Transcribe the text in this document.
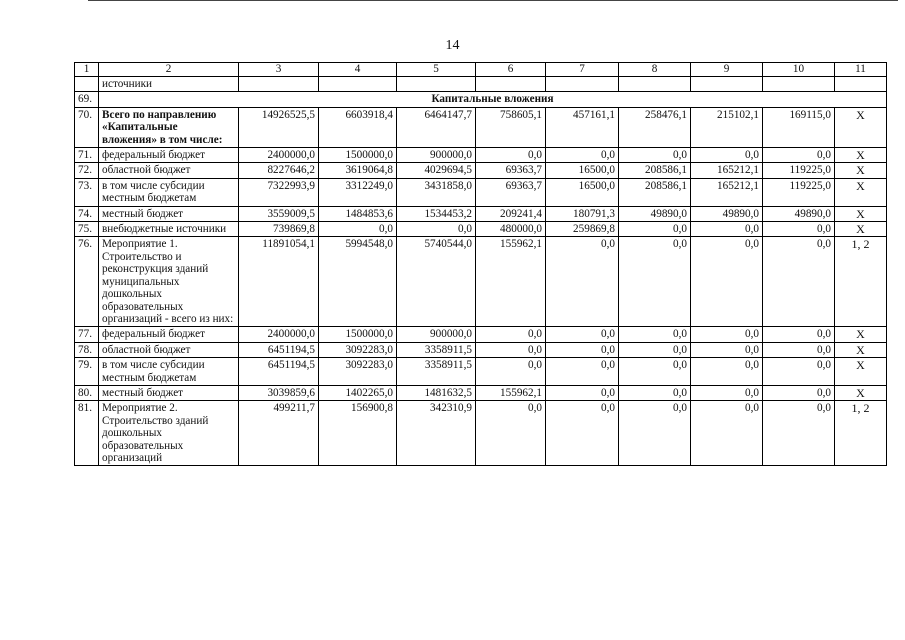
14
1	2	3	4	5	6	7	8	9	10	11
	источники									
69.	Капитальные вложения									
70.	Всего по направлению «Капитальные вложения» в том числе:	14926525,5	6603918,4	6464147,7	758605,1	457161,1	258476,1	215102,1	169115,0	X
71.	федеральный бюджет	2400000,0	1500000,0	900000,0	0,0	0,0	0,0	0,0	0,0	X
72.	областной бюджет	8227646,2	3619064,8	4029694,5	69363,7	16500,0	208586,1	165212,1	119225,0	X
73.	в том числе субсидии местным бюджетам	7322993,9	3312249,0	3431858,0	69363,7	16500,0	208586,1	165212,1	119225,0	X
74.	местный бюджет	3559009,5	1484853,6	1534453,2	209241,4	180791,3	49890,0	49890,0	49890,0	X
75.	внебюджетные источники	739869,8	0,0	0,0	480000,0	259869,8	0,0	0,0	0,0	X
76.	Мероприятие 1. Строительство и реконструкция зданий муниципальных дошкольных образовательных организаций - всего из них:	11891054,1	5994548,0	5740544,0	155962,1	0,0	0,0	0,0	0,0	1, 2
77.	федеральный бюджет	2400000,0	1500000,0	900000,0	0,0	0,0	0,0	0,0	0,0	X
78.	областной бюджет	6451194,5	3092283,0	3358911,5	0,0	0,0	0,0	0,0	0,0	X
79.	в том числе субсидии местным бюджетам	6451194,5	3092283,0	3358911,5	0,0	0,0	0,0	0,0	0,0	X
80.	местный бюджет	3039859,6	1402265,0	1481632,5	155962,1	0,0	0,0	0,0	0,0	X
81.	Мероприятие 2. Строительство зданий дошкольных образовательных организаций	499211,7	156900,8	342310,9	0,0	0,0	0,0	0,0	0,0	1, 2
